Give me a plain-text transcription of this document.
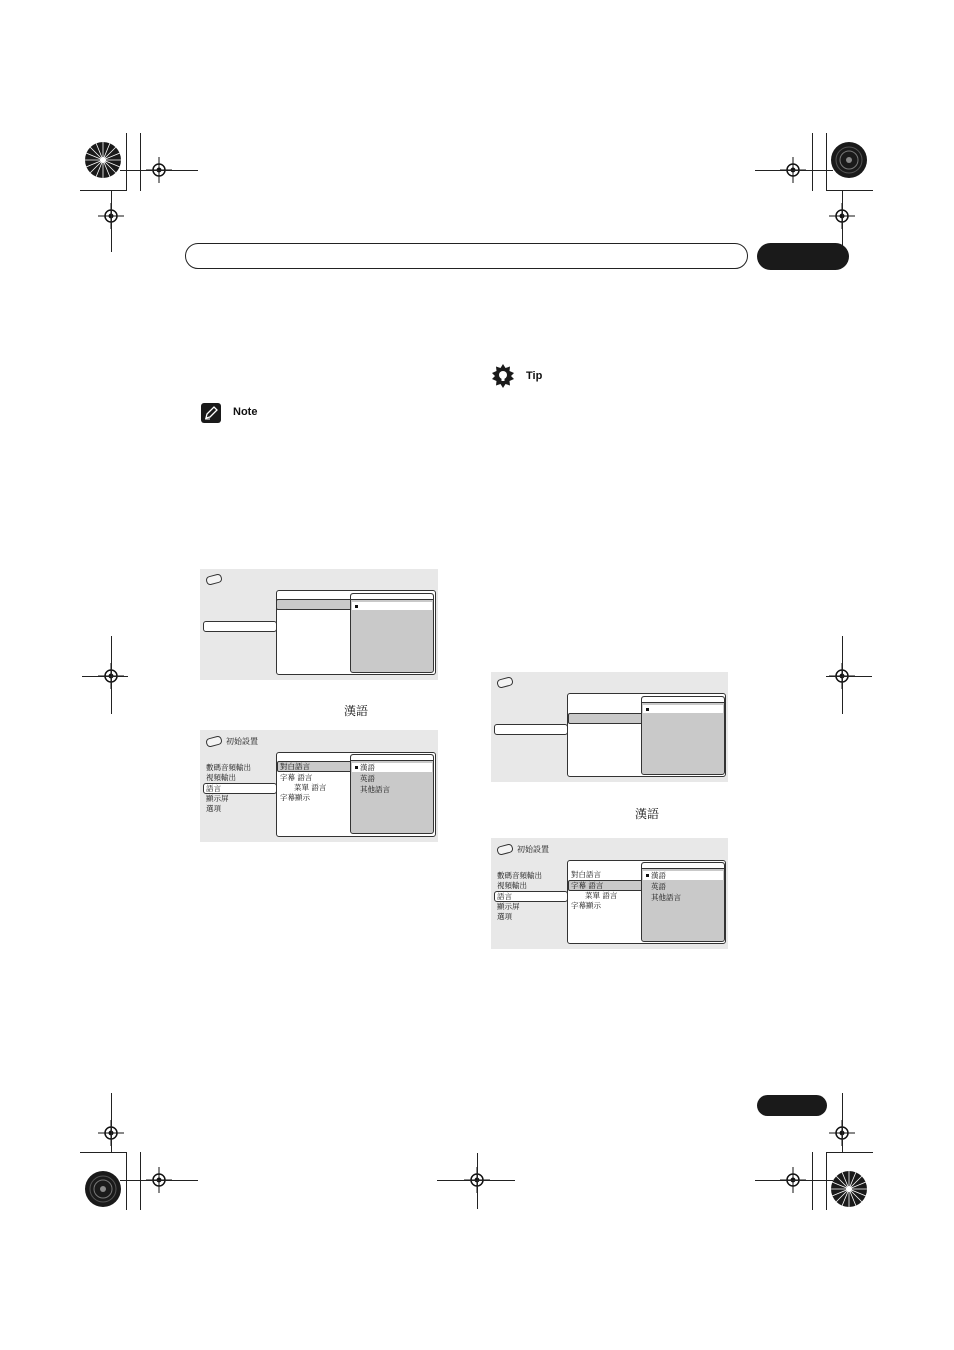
Note
Tip
漢語
初始設置
數碼音頻輸出
視頻輸出
語言
顯示屏
選項
對白語言
字幕 語言
菜單 語言
字幕顯示
漢語
英語
其他語言
漢語
初始設置
數碼音頻輸出
視頻輸出
語言
顯示屏
選項
對白語言
字幕 語言
菜單 語言
字幕顯示
漢語
英語
其他語言
